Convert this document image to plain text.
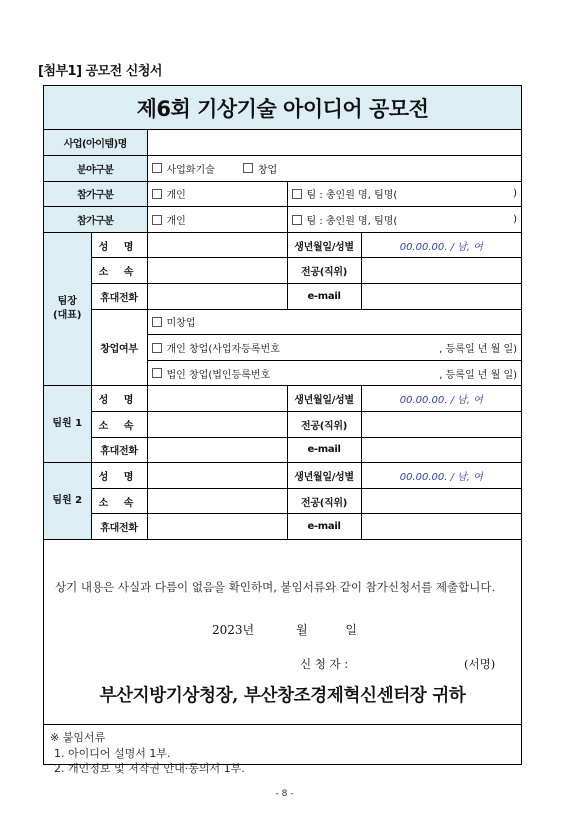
[첨부1] 공모전 신청서
제6회 기상기술 아이디어 공모전
사업(아이템)명				
분야구분		사업화기술 창업		

참가구분		개인	팀 : 총인원 명, 팀명( )	

참가구분		개인	팀 : 총인원 명, 팀명( )	

팀장
(대표)	성 명		생년월일/성별	00.00.00. / 남, 여
	소 속		전공(직위)	
	휴대전화		e-mail	
	창업여부	미창업		

		개인 창업(사업자등록번호 , 등록일 년 월 일)		

		법인 창업(법인등록번호 , 등록일 년 월 일)		

팀원 1	성 명		생년월일/성별	00.00.00. / 남, 여
	소 속		전공(직위)	
	휴대전화		e-mail	
팀원 2	성 명		생년월일/성별	00.00.00. / 남, 여
	소 속		전공(직위)	
	휴대전화		e-mail	
상기 내용은 사실과 다름이 없음을 확인하며, 붙임서류와 같이 참가신청서를 제출합니다.
2023년	월	일
신 청 자 :	(서명)
부산지방기상청장, 부산창조경제혁신센터장 귀하
※ 붙임서류
1. 아이디어 설명서 1부.
2. 개인정보 및 저작권 안내·동의서 1부.
- 8 -
